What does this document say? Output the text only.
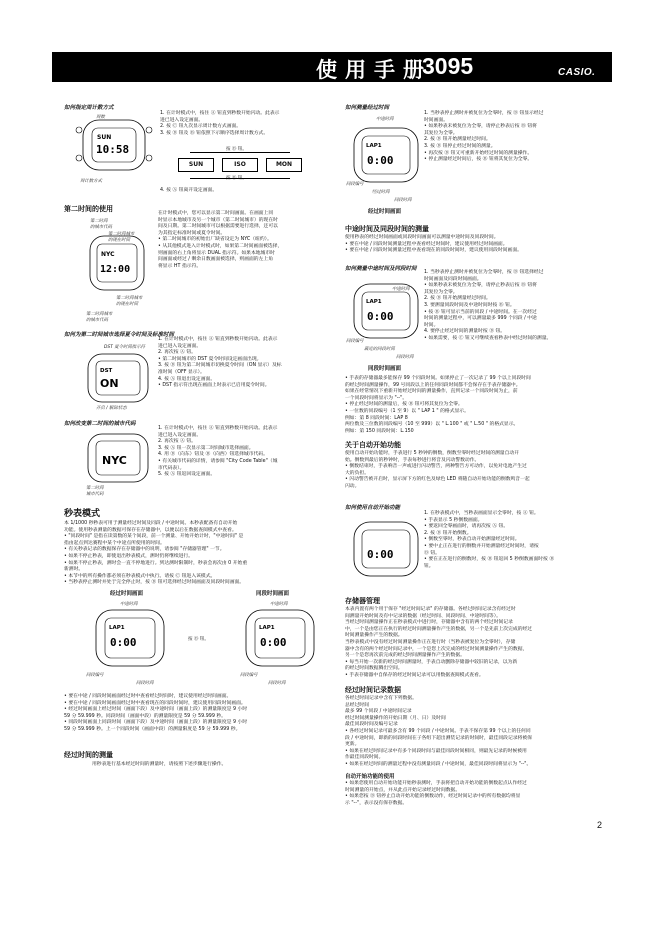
使用手册
3095	CASIO.
如何指定周计数方式
SUN
10:58
周数
周计数方式
1. 在计时模式中，按住 Ⓐ 钮直到秒数开始闪动。此表示
进已进入设定画面。
2. 按 Ⓒ 钮九次显示周计数方式画面。
3. 按 Ⓓ 钮及 Ⓑ 钮依照下示顺序选择周计数方式。
按 Ⓓ 钮。
SUN	ISO	MON
按 Ⓑ 钮。
4. 按 Ⓐ 钮离开设定画面。
第二时间的使用
NYC
12:00
第二时间
的城市代码
第二时间城市
的现在时间
第二时间城市
的现在时间
第二时间城市
的城市代码
在计时模式中，您可以显示第二时间画面。在画面上同
时显示本地城市及另一个城市（第二时间城市）的现在时
间及日期。第二时间城市可以根据需要进行选择，还可以
为其指定标准时间或夏令时间。
• 第二时间城市的初始出厂缺省设定为 NYC（纽约）。
• 从其他模式进入计时模式时，如果第二时间画面被选择，
则画面的右上角将显示 DUAL 指示符。如果本地城市时
间画面或经过 / 剩余日数画面被选择，则画面的左上角
将显示 HT 指示符。
如何为第二时间城市选择夏令时间及标准时间
DST 夏令时间指示符
DST
ON
开启 / 解除状态
1. 在计时模式中，按住 Ⓐ 钮直到秒数开始闪动。此表示
进已进入设定画面。
2. 再次按 Ⓐ 钮。
• 第二时间城市的 DST 夏令时间设定画面出现。
3. 按 Ⓓ 钮为第二时间城市切换夏令时间（ON 显示）及标
准时间（OFF 显示）。
4. 按 Ⓐ 钮退出设定画面。
• DST 指示符出现在画面上时表示已启用夏令时间。
如何改变第二时间的城市代码
NYC
第二时间
城市代码
1. 在计时模式中，按住 Ⓐ 钮直到秒数开始闪动。此表示
进已进入设定画面。
2. 再次按 Ⓐ 钮。
3. 按 Ⓐ 钮一次显示第二时间城市选择画面。
4. 用 Ⓓ（向东）钮及 Ⓑ（向西）钮选择城市代码。
• 有关城市代码的详情，请参阅 "City Code Table"（城
市代码表）。
5. 按 Ⓐ 钮返回设定画面。
秒表模式
本 1/1000 秒秒表可用于测量经过时间及同段 / 中途时间。本秒表配备有自动开始
功能。使用秒表测量的数据可保存在存储器中，以便以后在数据查阅模式中查看。
• "同段时间" 是指在读第数的某个间段，前一个测量、开始开始计时，"中途时间" 是
指由起点到达赛程中某个中途点所使用的时间。
• 有关秒表记录的数据保存在存储器中的说明，请参阅 "存储器管理" 一节。
• 如果不停止秒表，即使退出秒表模式，测时仍将继续进行。
• 如果不停止秒表，测时会一直不停地进行。到达测时限制时，秒表会再次由 0 开始重
新测时。
• 本节中的所有操作都必须在秒表模式中执行。请按 Ⓒ 钮进入该模式。
• 当秒表停止测时并处于完全停止时，按 Ⓓ 钮可选择经过时间画面及同段时间画面。
经过时间画面	同段时间画面
LAP1
0:00
LAP1
0:00
按 Ⓓ 钮。
中途时间	中途时间
同段编号
同段时间
同段编号
同段时间
• 要在中途 / 同段时间画面经过时中查看经过时间时，建议使用经过时间画面。
• 要在中途 / 同段时间画面经过时中查看现在的同段时间时，建议使用同段时间画面。
• 经过时间画面上经过时间（画面下段）及中途时间（画面上段）的测量限度是 9 小时
59 分 59.999 秒。同段时间（画面中段）的测量限度是 59 分 59.999 秒。
• 同段时间画面上同段时间（画面下段）及中途时间（画面上段）的测量限度是 9 小时
59 分 59.999 秒。上一个同段时间（画面中段）的测量限度是 59 分 59.999 秒。
经过时间的测量
用秒表进行基本经过时间的测量时，请按照下述步骤进行操作。
如何测量经过时间
中途时间
LAP1
0:00
同段编号
经过时间
同段时间
经过时间画面
1. 当秒表停止测时并被复位为全零时，按 Ⓓ 钮显示经过
时间画面。
• 如果秒表未被复位为全零，请停止秒表后按 Ⓑ 钮将
其复位为全零。
2. 按 Ⓓ 钮开始测量经过时间。
3. 按 Ⓓ 钮停止经过时间的测量。
• 再次按 Ⓓ 钮又可重新开始经过时间的测量操作。
• 停止测量经过时间后，按 Ⓑ 钮将其复位为全零。
中途时间及同段时间的测量
使用秒表的经过时间画面或同段时间画面可以测量中途时间及同段时间。
• 要在中途 / 同段时间测量过程中查看经过时间时，建议使用经过时间画面。
• 要在中途 / 同段时间测量过程中查看现在的同段时间时，建议使用同段时间画面。
如何测量中途时间及同段时间
LAP1
0:00
同段编号
最近的同段时间
同段时间
中途时间
同段时间画面
1. 当秒表停止测时并被复位为全零时，按 Ⓓ 钮选择经过
时间画面及同段时间画面。
• 如果秒表未被复位为全零，请停止秒表后按 Ⓑ 钮将
其复位为全零。
2. 按 Ⓓ 钮开始测量经过时间。
3. 要测量同段时间及中途时间时按 Ⓑ 钮。
• 按 Ⓑ 钮可显示当前的同段 / 中途时间。在一次经过
时间的测量过程中，可以测量最多 999 个同段 / 中途
时间。
4. 要停止经过时间的测量时按 Ⓓ 钮。
• 如果需要，按 Ⓒ 钮又可继续查看秒表中经过时间的测量。
• 手表的存储器最多能保存 99 个同段时间。如果停止了一次记录了 99 个以上同段时间
的经过时间测量操作，99 号同段以上的任何同段时间都不会保存在手表存储器中。
如果在经常情况下重新开始经过时间的测量操作，直到记录一个同段时间为止，前
一个同段时间将显示为 "--"。
• 停止经过时间的测量后，按 Ⓑ 钮可将其复位为全零。
• 一位数的同段编号（1 至 9）以 " LAP 1 " 的格式显示。
例如：第 8 同段时间：LAP 8
两位数及三位数的同段编号（10 至 999）以 " L.100 " 或 " L.50 " 的格式显示。
例如：第 150 同段时间：L.150
关于自动开始功能
使用自动开始功能时，手表进行 5 秒钟的倒数，倒数至零时经过时间的测量自动开
始。倒数到最后的秒钟时，手表每秒进行将音及闪动警数动作。
• 倒数结束时，手表响音一声或进行闪动警告，两种警告方可动作，以免对电池产生过
大的负担。
• 闪动警告被开启时，显示屏下方的红色及绿色 LED 将随自动开始功能的倒数鸣音一起
闪动。
如何使用自动开始功能
0:00
1. 在秒表模式中，当秒表画面显示全零时，按 Ⓐ 钮。
• 手表显示 5 秒倒数画面。
• 要返回全零画面时，请再次按 Ⓐ 钮。
2. 按 Ⓓ 钮开始倒数。
• 倒数至零时，秒表自动开始测量经过时间。
• 要中止正在进行的倒数并开始测量经过时间时，请按
Ⓓ 钮。
• 要在正在进行的倒数时，按 Ⓑ 钮返回 5 秒倒数画面时按 Ⓑ
钮。
存储器管理
本表内置有两个用于保存 "经过时间记录" 的存储器。各经过时间记录含有经过时
间测量开始时间及有中记录的数据（经过时间、同段时间、中途时间等）。
当经过时间测量操作正在秒表模式中进行时，存储器中含有的两个经过时间记录
中，一个是由您正在执行的经过时间测量操作产生的数据，另一个是先前上次完成的经过
时间测量操作产生的数据。
当秒表模式中没有经过时间测量操作正在进行时（当秒表被复位为全零时），存储
器中含有的两个经过时间记录中，一个是您上次完成的经过时间测量操作产生的数据，
另一个是您再次前完成的经过时间测量操作产生的数据。
• 每当开始一次新的经过时间测量时，手表自动删除存储器中较旧的记录，以为新
的经过时间数据腾出空间。
• 手表存储器中自保存的经过时间记录可以用数据查阅模式查看。
经过时间记录数据
各经过时间记录中含有下列数据。
总经过时间
最多 99 个同段 / 中途时间记录
经过时间测量操作的开始日期（月、日）及时间
最佳同段时间及编号记录
• 各经过时间记录可最多含有 99 个同段 / 中途时间。手表不保存第 99 个以上的任何同
段 / 中途时间，即新的同段时间在子各组下超出测装记录的时间时，最佳同段记录将被保
更新。
• 如果在经过时间记录中有多个同段时间与最佳同段时间相同，则最先记录的时候被用
作最佳同段时间。
• 如果在经过时间的测量过程中没有测量同段 / 中途时间，最佳同段时间将显示为 "--"。
自动开始功能的使用
• 如果您使用自动开始功能开始秒表测时，手表将把自动开始功能的倒数起点认作经过
时间测量的开始点，并从此点开始记录经过时间数据。
• 如果您按 Ⓓ 钮停止自动开始功能的倒数动作，经过时间记录中的所有数据均将显
示 "--"，表示没有保存数据。
2
